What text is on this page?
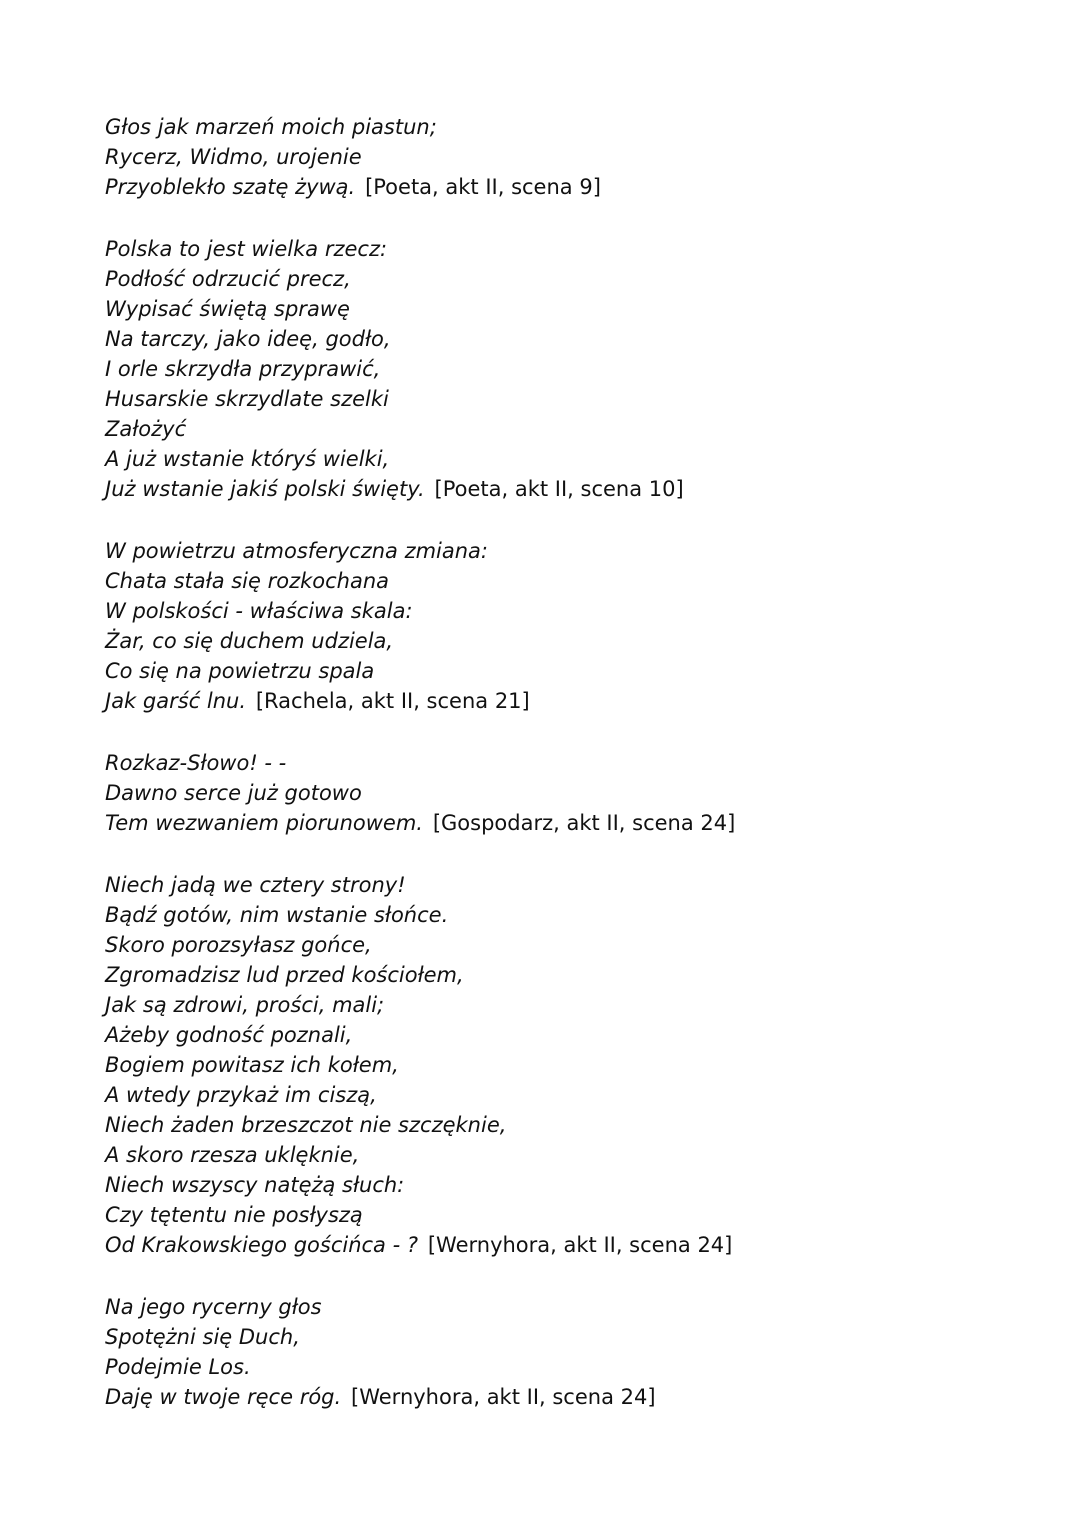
Głos jak marzeń moich piastun;
Rycerz, Widmo, urojenie
Przyoblekło szatę żywą. [Poeta, akt II, scena 9]
Polska to jest wielka rzecz:
Podłość odrzucić precz,
Wypisać świętą sprawę
Na tarczy, jako ideę, godło,
I orle skrzydła przyprawić,
Husarskie skrzydlate szelki
Założyć
A już wstanie któryś wielki,
Już wstanie jakiś polski święty. [Poeta, akt II, scena 10]
W powietrzu atmosferyczna zmiana:
Chata stała się rozkochana
W polskości - właściwa skala:
Żar, co się duchem udziela,
Co się na powietrzu spala
Jak garść lnu. [Rachela, akt II, scena 21]
Rozkaz-Słowo! - -
Dawno serce już gotowo
Tem wezwaniem piorunowem. [Gospodarz, akt II, scena 24]
Niech jadą we cztery strony!
Bądź gotów, nim wstanie słońce.
Skoro porozsyłasz gońce,
Zgromadzisz lud przed kościołem,
Jak są zdrowi, prości, mali;
Ażeby godność poznali,
Bogiem powitasz ich kołem,
A wtedy przykaż im ciszą,
Niech żaden brzeszczot nie szczęknie,
A skoro rzesza uklęknie,
Niech wszyscy natężą słuch:
Czy tętentu nie posłyszą
Od Krakowskiego gościńca - ? [Wernyhora, akt II, scena 24]
Na jego rycerny głos
Spotężni się Duch,
Podejmie Los.
Daję w twoje ręce róg. [Wernyhora, akt II, scena 24]
